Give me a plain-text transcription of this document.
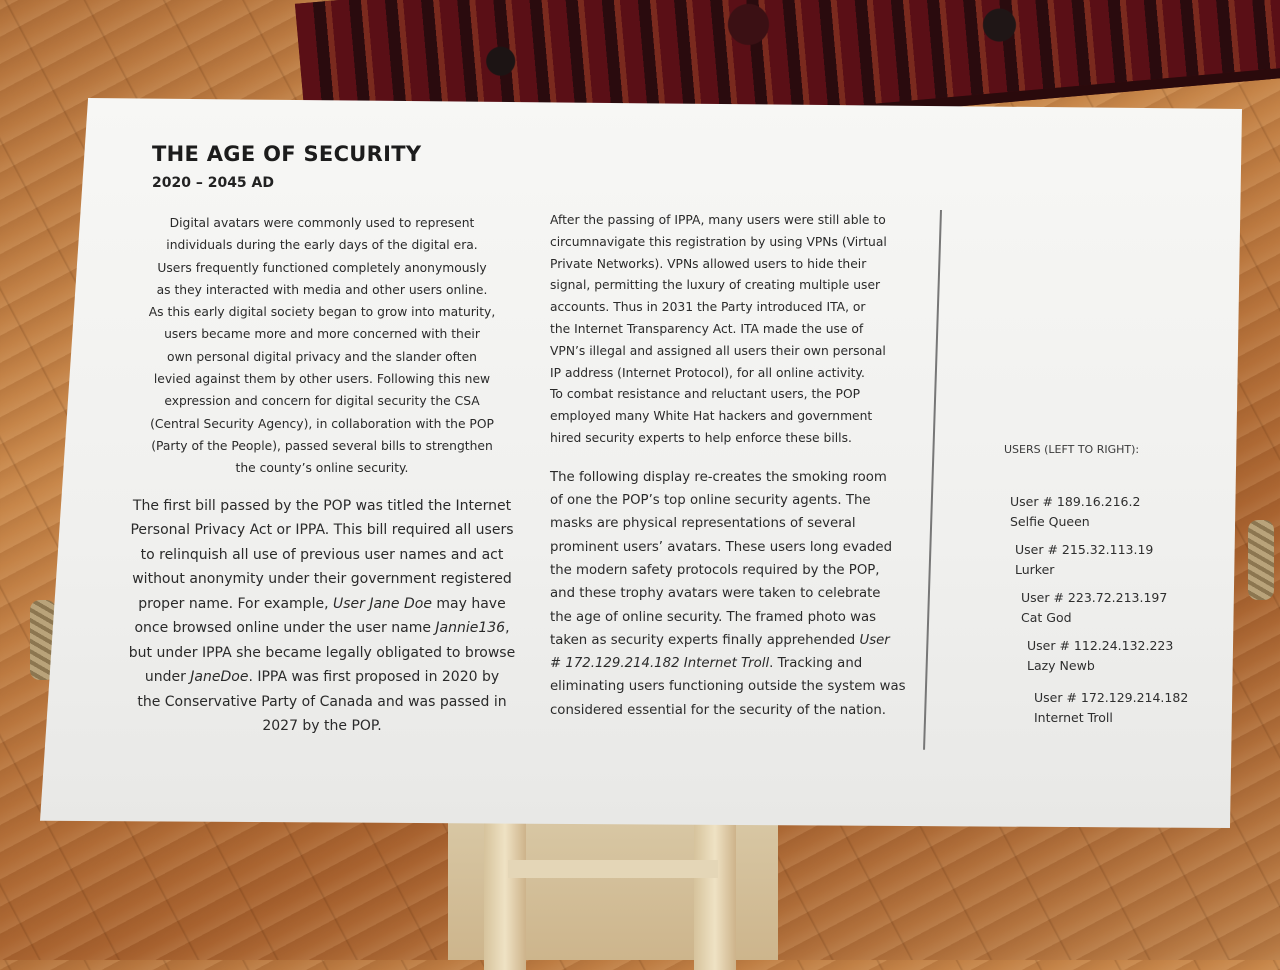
THE AGE OF SECURITY
2020 – 2045 AD

Digital avatars were commonly used to represent
individuals during the early days of the digital era.
Users frequently functioned completely anonymously
as they interacted with media and other users online.
As this early digital society began to grow into maturity,
users became more and more concerned with their
own personal digital privacy and the slander often
levied against them by other users. Following this new
expression and concern for digital security the CSA
(Central Security Agency), in collaboration with the POP
(Party of the People), passed several bills to strengthen
the county’s online security.

The first bill passed by the POP was titled the Internet
Personal Privacy Act or IPPA. This bill required all users
to relinquish all use of previous user names and act
without anonymity under their government registered
proper name. For example, User Jane Doe may have
once browsed online under the user name Jannie136,
but under IPPA she became legally obligated to browse
under JaneDoe. IPPA was first proposed in 2020 by
the Conservative Party of Canada and was passed in
2027 by the POP.

After the passing of IPPA, many users were still able to
circumnavigate this registration by using VPNs (Virtual
Private Networks). VPNs allowed users to hide their
signal, permitting the luxury of creating multiple user
accounts. Thus in 2031 the Party introduced ITA, or
the Internet Transparency Act. ITA made the use of
VPN’s illegal and assigned all users their own personal
IP address (Internet Protocol), for all online activity.
To combat resistance and reluctant users, the POP
employed many White Hat hackers and government
hired security experts to help enforce these bills.

The following display re-creates the smoking room
of one the POP’s top online security agents. The
masks are physical representations of several
prominent users’ avatars. These users long evaded
the modern safety protocols required by the POP,
and these trophy avatars were taken to celebrate
the age of online security. The framed photo was
taken as security experts finally apprehended User
# 172.129.214.182 Internet Troll. Tracking and
eliminating users functioning outside the system was
considered essential for the security of the nation.

USERS (LEFT TO RIGHT):
User # 189.16.216.2
Selfie Queen
User # 215.32.113.19
Lurker
User # 223.72.213.197
Cat God
User # 112.24.132.223
Lazy Newb
User # 172.129.214.182
Internet Troll
